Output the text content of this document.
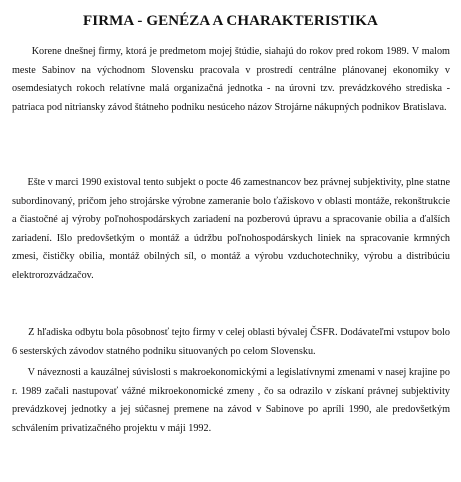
FIRMA - GENÉZA A CHARAKTERISTIKA

Korene dnešnej firmy, ktorá je predmetom mojej štúdie, siahajú do rokov pred rokom 1989. V malom meste Sabinov na východnom Slovensku pracovala v prostredí centrálne plánovanej ekonomiky v osemdesiatych rokoch relatívne malá organizačná jednotka - na úrovni tzv. prevádzkového strediska - patriaca pod nitriansky závod štátneho podniku nesúceho názov Strojárne nákupných podnikov Bratislava.

Ešte v marci 1990 existoval tento subjekt o pocte 46 zamestnancov bez právnej subjektivity, plne statne subordinovaný, pričom jeho strojárske výrobne zameranie bolo ťažiskovo v oblasti montáže, rekonštrukcie a čiastočné aj výroby poľnohospodárskych zariadení na pozberovú úpravu a spracovanie obilia a ďalších zariadení. Išlo predovšetkým o montáž a údržbu poľnohospodárskych liniek na spracovanie krmných zmesi, čističky obilia, montáž obilných síl, o montáž a výrobu vzduchotechniky, výrobu a distribúciu elektrorozvádzačov.

Z hľadiska odbytu bola pôsobnosť tejto firmy v celej oblasti bývalej ČSFR. Dodávateľmi vstupov bolo 6 sesterských závodov statného podniku situovaných po celom Slovensku.

V náveznosti a kauzálnej súvislosti s makroekonomickými a legislatívnymi zmenami v nasej krajine po r. 1989 začali nastupovať vážné mikroekonomické zmeny , čo sa odrazilo v získaní právnej subjektivity prevádzkovej jednotky a jej súčasnej premene na závod v Sabinove po apríli 1990, ale predovšetkým schválením privatizačného projektu v máji 1992.
